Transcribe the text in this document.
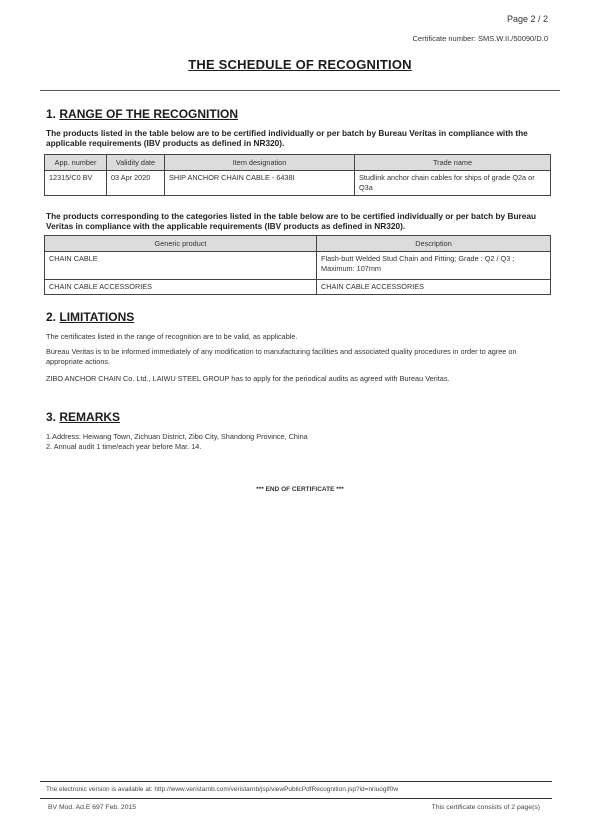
Page 2 / 2
Certificate number: SMS.W.II./50090/D.0
THE SCHEDULE OF RECOGNITION
1. RANGE OF THE RECOGNITION
The products listed in the table below are to be certified individually or per batch by Bureau Veritas in compliance with the applicable requirements (IBV products as defined in NR320).
App. number	Validity date	Item designation	Trade name
12315/C0 BV	03 Apr 2020	SHIP ANCHOR CHAIN CABLE - 6438I	Studlink anchor chain cables for ships of grade Q2a or Q3a
The products corresponding to the categories listed in the table below are to be certified individually or per batch by Bureau Veritas in compliance with the applicable requirements (IBV products as defined in NR320).
Generic product	Description
CHAIN CABLE	Flash-butt Welded Stud Chain and Fitting; Grade : Q2 / Q3 ; Maximum: 107mm
CHAIN CABLE ACCESSORIES	CHAIN CABLE ACCESSORIES
2. LIMITATIONS
The certificates listed in the range of recognition are to be valid, as applicable.
Bureau Veritas is to be informed immediately of any modification to manufacturing facilities and associated quality procedures in order to agree on appropriate actions.
ZIBO ANCHOR CHAIN Co. Ltd., LAIWU STEEL GROUP has to apply for the periodical audits as agreed with Bureau Veritas.
3. REMARKS
1.Address: Heiwang Town, Zichuan District, Zibo City, Shandong Province, China
2. Annual audit 1 time/each year before Mar. 14.
*** END OF CERTIFICATE ***
The electronic version is available at: http://www.veristarnb.com/veristarnb/jsp/viewPublicPdfRecognition.jsp?id=nriuoglf0w
BV Mod. Ad.E 697 Feb. 2015	This certificate consists of 2 page(s)
